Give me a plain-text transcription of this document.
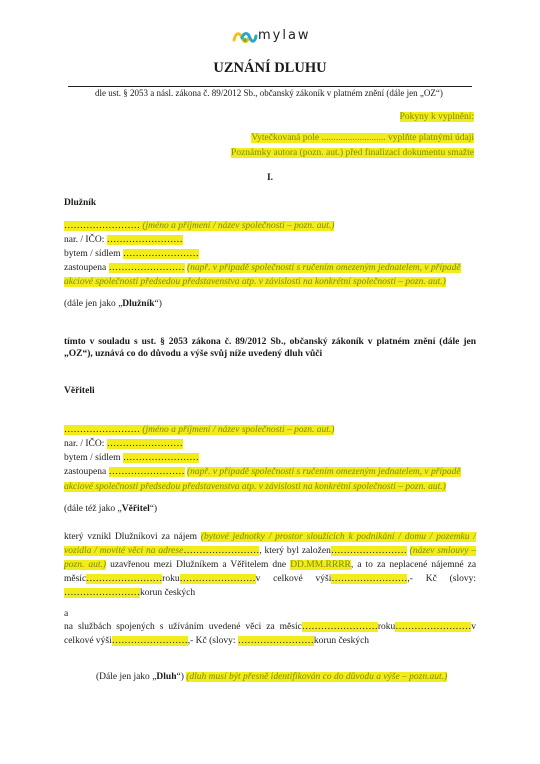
mylaw
UZNÁNÍ DLUHU
dle ust. § 2053 a násl. zákona č. 89/2012 Sb., občanský zákoník v platném znění (dále jen „OZ“)
Pokyny k vyplnění:
Vytečkovaná pole ........................... vyplňte platnými údaji
Poznámky autora (pozn. aut.) před finalizací dokumentu smažte
I.
Dlužník
…………………… (jméno a příjmení / název společnosti – pozn. aut.)
nar. / IČO: ……………………
bytem / sídlem ……………………
zastoupena …………………… (např. v případě společnosti s ručením omezeným jednatelem, v případě
akciové společnosti předsedou představenstva atp. v závislosti na konkrétní společnosti – pozn. aut.)
(dále jen jako „Dlužník“)
tímto v souladu s ust. § 2053 zákona č. 89/2012 Sb., občanský zákoník v platném znění (dále jen „OZ“), uznává co do důvodu a výše svůj níže uvedený dluh vůči
Věřiteli
…………………… (jméno a příjmení / název společnosti – pozn. aut.)
nar. / IČO: ……………………
bytem / sídlem ……………………
zastoupena …………………… (např. v případě společnosti s ručením omezeným jednatelem, v případě
akciové společnosti předsedou představenstva atp. v závislosti na konkrétní společnosti – pozn. aut.)
(dále též jako „Věřitel“)
který vznikl Dlužníkovi za nájem (bytové jednotky / prostor sloužících k podnikání / domu / pozemku / vozidla / movité věci na adrese……………………, který byl založen…………………… (název smlouvy – pozn. aut.) uzavřenou mezi Dlužníkem a Věřitelem dne DD.MM.RRRR, a to za neplacené nájemné za měsíc……………………roku……………………v celkové výši……………………,- Kč (slovy: ……………………korun českých
a
na službách spojených s užíváním uvedené věci za měsíc……………………roku……………………v celkové výši……………………,- Kč (slovy: ……………………korun českých
(Dále jen jako „Dluh“) (dluh musí být přesně identifikován co do důvodu a výše – pozn.aut.)
